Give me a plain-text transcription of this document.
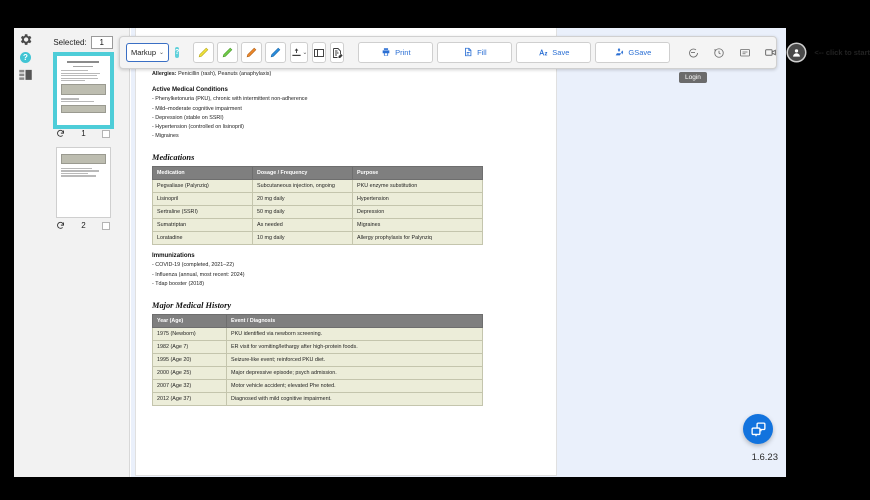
?
Selected:	1
1
2
Allergies: Penicillin (rash), Peanuts (anaphylaxis)
Active Medical Conditions
- Phenylketonuria (PKU), chronic with intermittent non-adherence
- Mild–moderate cognitive impairment
- Depression (stable on SSRI)
- Hypertension (controlled on lisinopril)
- Migraines
Medications
Medication	Dosage / Frequency	Purpose
Pegvaliase (Palynziq)	Subcutaneous injection, ongoing	PKU enzyme substitution
Lisinopril	20 mg daily	Hypertension
Sertraline (SSRI)	50 mg daily	Depression
Sumatriptan	As needed	Migraines
Loratadine	10 mg daily	Allergy prophylaxis for Palynziq
Immunizations
- COVID-19 (completed, 2021–22)
- Influenza (annual, most recent: 2024)
- Tdap booster (2018)
Major Medical History
Year (Age)	Event / Diagnosis
1975 (Newborn)	PKU identified via newborn screening.
1982 (Age 7)	ER visit for vomiting/lethargy after high-protein foods.
1995 (Age 20)	Seizure-like event; reinforced PKU diet.
2000 (Age 25)	Major depressive episode; psych admission.
2007 (Age 32)	Motor vehicle accident; elevated Phe noted.
2012 (Age 37)	Diagnosed with mild cognitive impairment.
1.6.23
Markup ⌄ ?	⌄	Print	Fill	Save	GSave	<-- click to start
Login
